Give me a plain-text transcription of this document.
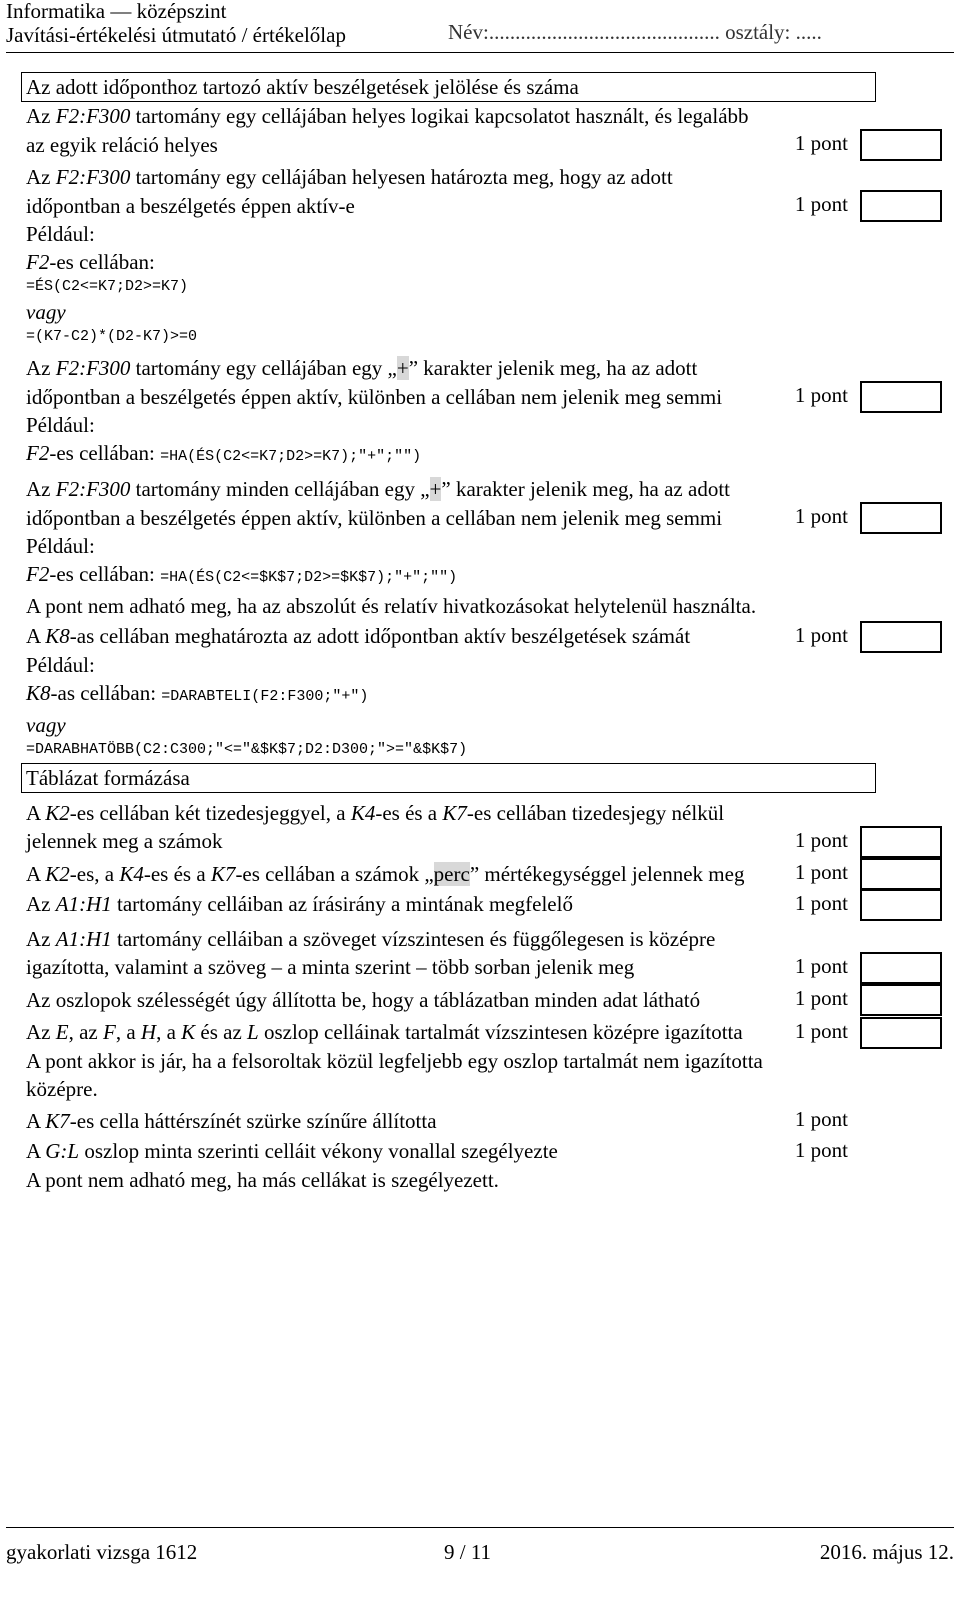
Informatika — középszint
Javítási-értékelési útmutató / értékelőlap	Név:............................................ osztály: .....
Az adott időponthoz tartozó aktív beszélgetések jelölése és száma
Az F2:F300 tartomány egy cellájában helyes logikai kapcsolatot használt, és legalább az egyik reláció helyes	1 pont
Az F2:F300 tartomány egy cellájában helyesen határozta meg, hogy az adott időpontban a beszélgetés éppen aktív-e	1 pont
Például:
F2-es cellában:
=ÉS(C2<=K7;D2>=K7)
vagy
=(K7-C2)*(D2-K7)>=0
Az F2:F300 tartomány egy cellájában egy „+” karakter jelenik meg, ha az adott időpontban a beszélgetés éppen aktív, különben a cellában nem jelenik meg semmi	1 pont
Például:
F2-es cellában: =HA(ÉS(C2<=K7;D2>=K7);"+";"")
Az F2:F300 tartomány minden cellájában egy „+” karakter jelenik meg, ha az adott időpontban a beszélgetés éppen aktív, különben a cellában nem jelenik meg semmi	1 pont
Például:
F2-es cellában: =HA(ÉS(C2<=$K$7;D2>=$K$7);"+";"")
A pont nem adható meg, ha az abszolút és relatív hivatkozásokat helytelenül használta.
A K8-as cellában meghatározta az adott időpontban aktív beszélgetések számát	1 pont
Például:
K8-as cellában: =DARABTELI(F2:F300;"+")
vagy
=DARABHATÖBB(C2:C300;"<="&$K$7;D2:D300;">="&$K$7)
Táblázat formázása
A K2-es cellában két tizedesjeggyel, a K4-es és a K7-es cellában tizedesjegy nélkül jelennek meg a számok	1 pont
A K2-es, a K4-es és a K7-es cellában a számok „perc” mértékegységgel jelennek meg	1 pont
Az A1:H1 tartomány celláiban az írásirány a mintának megfelelő	1 pont
Az A1:H1 tartomány celláiban a szöveget vízszintesen és függőlegesen is középre igazította, valamint a szöveg – a minta szerint – több sorban jelenik meg	1 pont
Az oszlopok szélességét úgy állította be, hogy a táblázatban minden adat látható	1 pont
Az E, az F, a H, a K és az L oszlop celláinak tartalmát vízszintesen középre igazította	1 pont
A pont akkor is jár, ha a felsoroltak közül legfeljebb egy oszlop tartalmát nem igazította középre.
A K7-es cella háttérszínét szürke színűre állította	1 pont
A G:L oszlop minta szerinti celláit vékony vonallal szegélyezte	1 pont
A pont nem adható meg, ha más cellákat is szegélyezett.
gyakorlati vizsga 1612	9 / 11	2016. május 12.
